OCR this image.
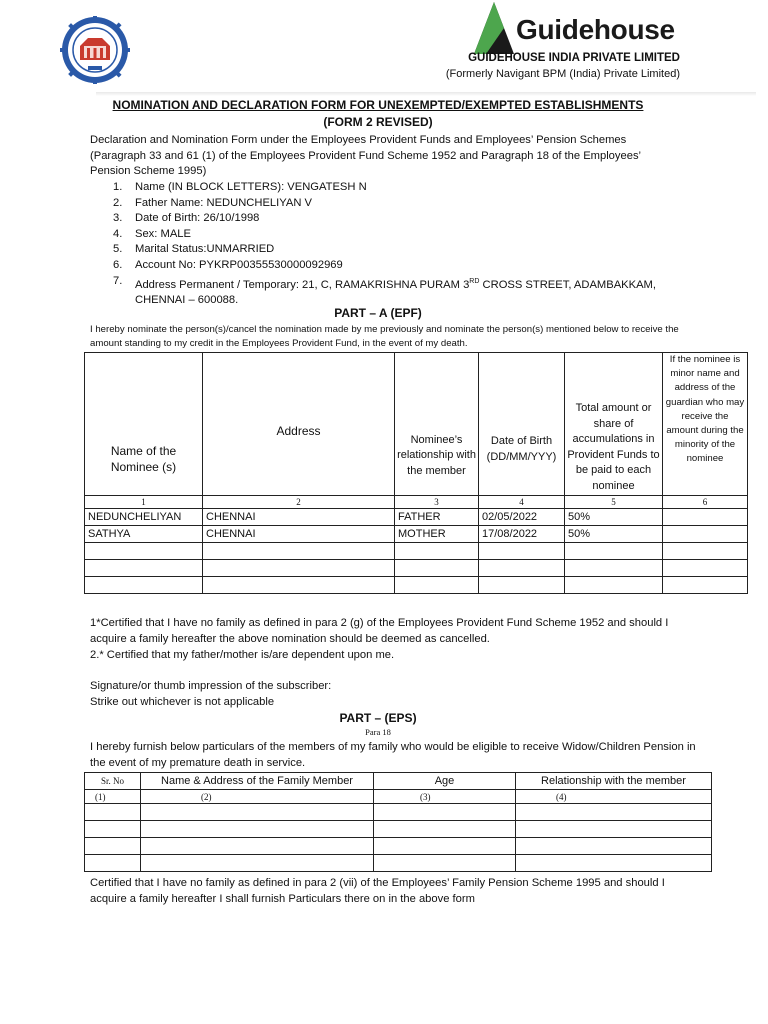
Guidehouse
GUIDEHOUSE INDIA PRIVATE LIMITED
(Formerly Navigant BPM (India) Private Limited)
NOMINATION AND DECLARATION FORM FOR UNEXEMPTED/EXEMPTED ESTABLISHMENTS
(FORM 2 REVISED)
Declaration and Nomination Form under the Employees Provident Funds and Employees’ Pension Schemes (Paragraph 33 and 61 (1) of the Employees Provident Fund Scheme 1952 and Paragraph 18 of the Employees’ Pension Scheme 1995)
1. Name (IN BLOCK LETTERS): VENGATESH N
2. Father Name: NEDUNCHELIYAN V
3. Date of Birth: 26/10/1998
4. Sex: MALE
5. Marital Status:UNMARRIED
6. Account No: PYKRP00355530000092969
7. Address Permanent / Temporary: 21, C, RAMAKRISHNA PURAM 3RD CROSS STREET, ADAMBAKKAM,
CHENNAI – 600088.
PART – A (EPF)
I hereby nominate the person(s)/cancel the nomination made by me previously and nominate the person(s) mentioned below to receive the amount standing to my credit in the Employees Provident Fund, in the event of my death.
Name of the Nominee (s)	Address	Nominee’s relationship with the member	Date of Birth (DD/MM/YYY)	Total amount or share of accumulations in Provident Funds to be paid to each nominee	If the nominee is minor name and address of the guardian who may receive the amount during the minority of the nominee
1	2	3	4	5	6
NEDUNCHELIYAN	CHENNAI	FATHER	02/05/2022	50%	
SATHYA	CHENNAI	MOTHER	17/08/2022	50%	

1*Certified that I have no family as defined in para 2 (g) of the Employees Provident Fund Scheme 1952 and should I acquire a family hereafter the above nomination should be deemed as cancelled.
2.* Certified that my father/mother is/are dependent upon me.
Signature/or thumb impression of the subscriber:
Strike out whichever is not applicable
PART – (EPS)
Para 18
I hereby furnish below particulars of the members of my family who would be eligible to receive Widow/Children Pension in the event of my premature death in service.
Sr. No	Name & Address of the Family Member	Age	Relationship with the member
(1)	(2)	(3)	(4)

Certified that I have no family as defined in para 2 (vii) of the Employees’ Family Pension Scheme 1995 and should I acquire a family hereafter I shall furnish Particulars there on in the above form
